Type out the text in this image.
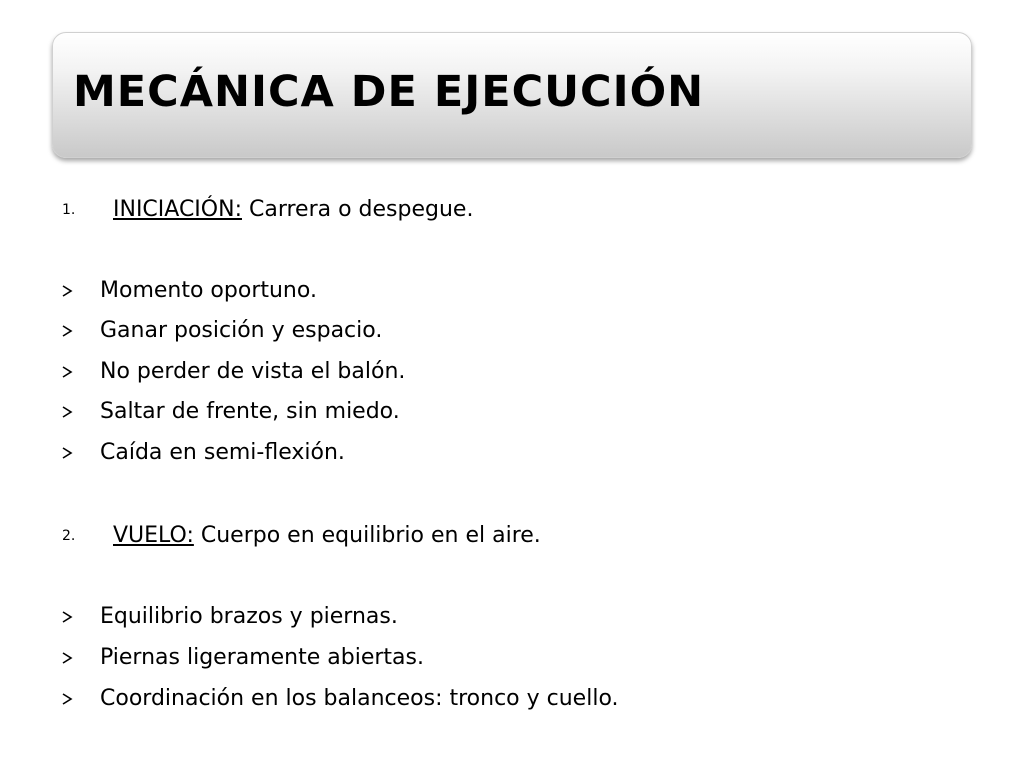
MECÁNICA DE EJECUCIÓN
1. INICIACIÓN: Carrera o despegue.
Momento oportuno.
Ganar posición y espacio.
No perder de vista el balón.
Saltar de frente, sin miedo.
Caída en semi-flexión.
2. VUELO: Cuerpo en equilibrio en el aire.
Equilibrio brazos y piernas.
Piernas ligeramente abiertas.
Coordinación en los balanceos: tronco y cuello.
